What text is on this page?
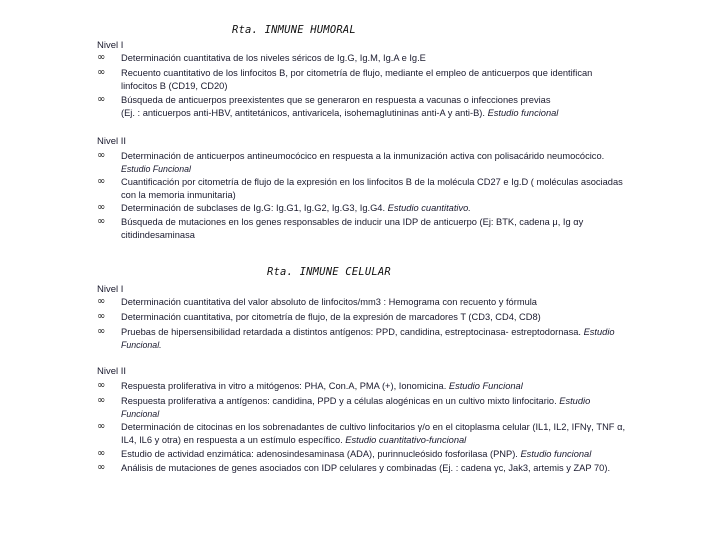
Rta. INMUNE HUMORAL
Nivel I
∞	Determinación cuantitativa de los niveles séricos de Ig.G, Ig.M, Ig.A e Ig.E
∞	Recuento cuantitativo de los linfocitos B, por citometría de flujo, mediante el empleo de anticuerpos que identifican
linfocitos B (CD19, CD20)
∞	Búsqueda de anticuerpos preexistentes que se generaron en respuesta a vacunas o infecciones previas
(Ej. : anticuerpos anti-HBV, antitetánicos, antivaricela, isohemaglutininas anti-A y anti-B). Estudio funcional
Nivel II
∞	Determinación de anticuerpos antineumocócico en respuesta a la inmunización activa con polisacárido neumocócico.
Estudio Funcional
∞	Cuantificación por citometría de flujo de la expresión en los linfocitos B de la molécula CD27 e Ig.D ( moléculas asociadas
con la memoria inmunitaria)
∞	Determinación de subclases de Ig.G: Ig.G1, Ig.G2, Ig.G3, Ig.G4. Estudio cuantitativo.
∞	Búsqueda de mutaciones en los genes responsables de inducir una IDP de anticuerpo (Ej: BTK, cadena μ, Ig αy
citidindesaminasa
Rta. INMUNE CELULAR
Nivel I
∞	Determinación cuantitativa del valor absoluto de linfocitos/mm3 : Hemograma con recuento y fórmula
∞	Determinación cuantitativa, por citometría de flujo, de la expresión de marcadores T (CD3, CD4, CD8)
∞	Pruebas de hipersensibilidad retardada a distintos antígenos: PPD, candidina, estreptocinasa- estreptodornasa. Estudio
Funcional.
Nivel II
∞	Respuesta proliferativa in vitro a mitógenos: PHA, Con.A, PMA (+), Ionomicina. Estudio Funcional
∞	Respuesta proliferativa a antígenos: candidina, PPD y a células alogénicas en un cultivo mixto linfocitario. Estudio
Funcional
∞	Determinación de citocinas en los sobrenadantes de cultivo linfocitarios γ/o en el citoplasma celular (IL1, IL2, IFNγ, TNF α,
IL4, IL6 y otra) en respuesta a un estímulo específico. Estudio cuantitativo-funcional
∞	Estudio de actividad enzimática: adenosindesaminasa (ADA), purinnucleósido fosforilasa (PNP). Estudio funcional
∞	Análisis de mutaciones de genes asociados con IDP celulares y combinadas (Ej. : cadena γc, Jak3, artemis y ZAP 70).
